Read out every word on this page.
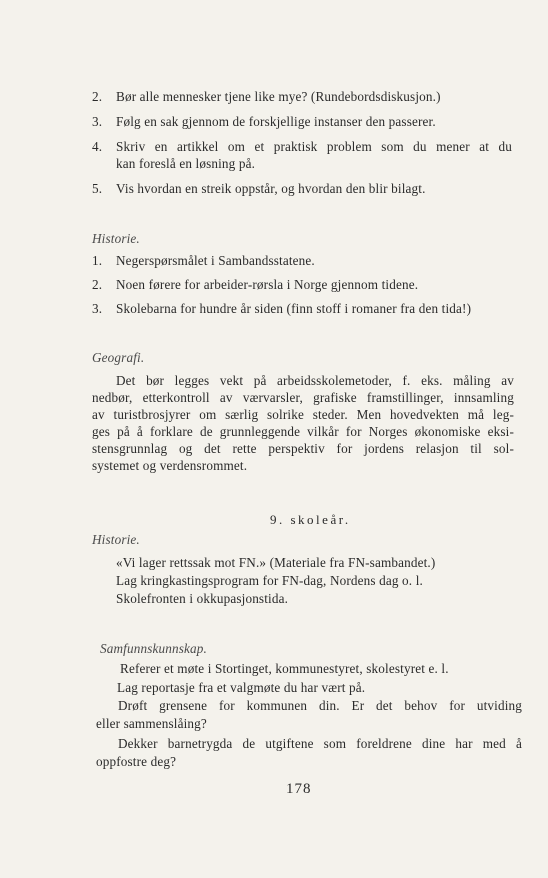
2. Bør alle mennesker tjene like mye? (Rundebordsdiskusjon.)
3. Følg en sak gjennom de forskjellige instanser den passerer.
4. Skriv en artikkel om et praktisk problem som du mener at du
kan foreslå en løsning på.
5. Vis hvordan en streik oppstår, og hvordan den blir bilagt.
Historie.
1. Negerspørsmålet i Sambandsstatene.
2. Noen førere for arbeider-rørsla i Norge gjennom tidene.
3. Skolebarna for hundre år siden (finn stoff i romaner fra den tida!)
Geografi.
Det bør legges vekt på arbeidsskolemetoder, f. eks. måling av
nedbør, etterkontroll av værvarsler, grafiske framstillinger, innsamling
av turistbrosjyrer om særlig solrike steder. Men hovedvekten må leg-
ges på å forklare de grunnleggende vilkår for Norges økonomiske eksi-
stensgrunnlag og det rette perspektiv for jordens relasjon til sol-
systemet og verdensrommet.
9. skoleår.
Historie.
«Vi lager rettssak mot FN.» (Materiale fra FN-sambandet.)
Lag kringkastingsprogram for FN-dag, Nordens dag o. l.
Skolefronten i okkupasjonstida.
Samfunnskunnskap.
Referer et møte i Stortinget, kommunestyret, skolestyret e. l.
Lag reportasje fra et valgmøte du har vært på.
Drøft grensene for kommunen din. Er det behov for utviding
eller sammenslåing?
Dekker barnetrygda de utgiftene som foreldrene dine har med å
oppfostre deg?
178
